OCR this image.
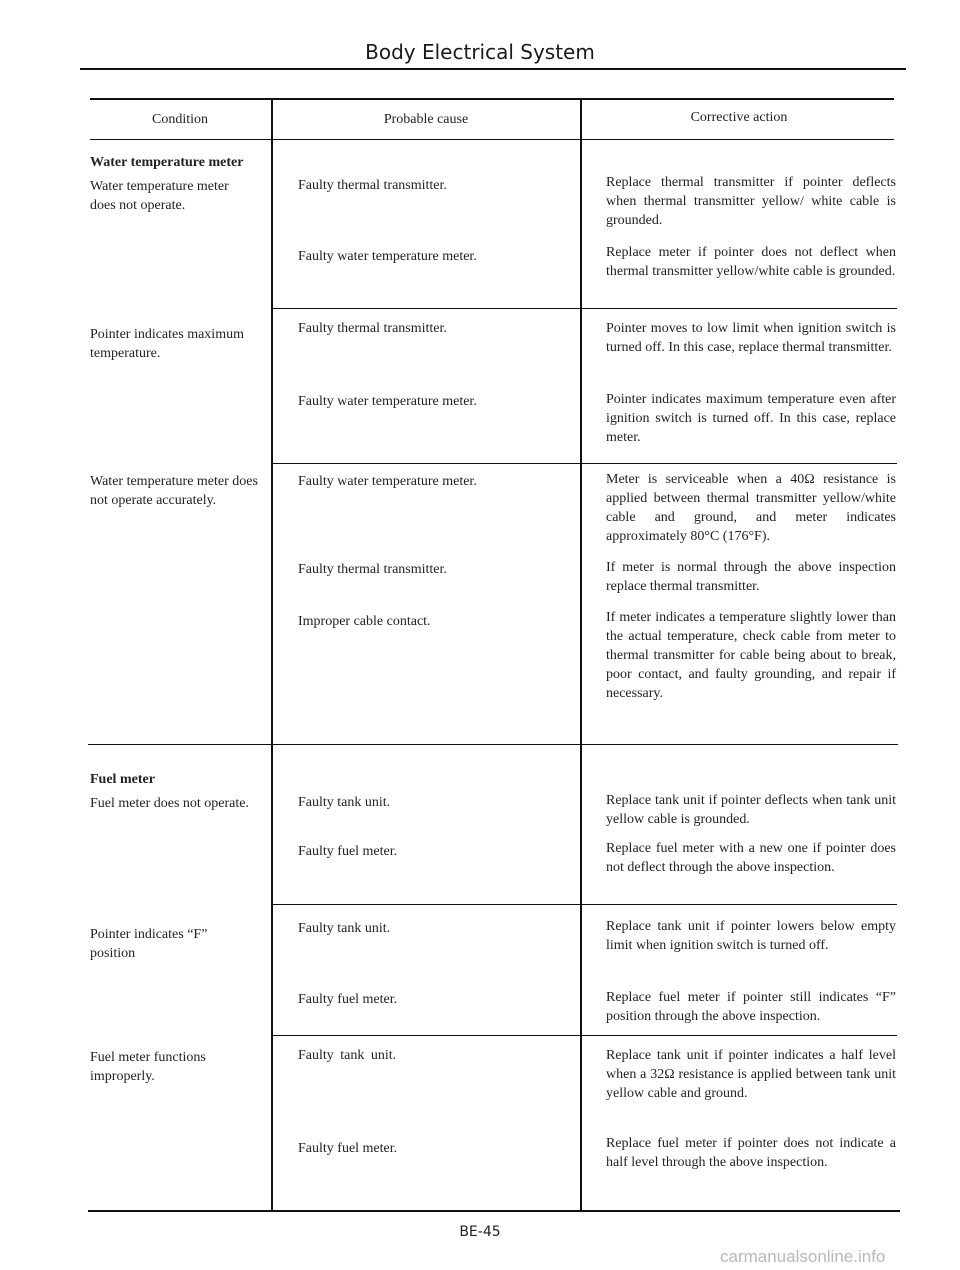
Body Electrical System
Condition	Probable cause	Corrective action
Water temperature meter
Water temperature meter does not operate.
Faulty thermal transmitter.	Replace thermal transmitter if pointer deflects when thermal transmitter yellow/ white cable is grounded.
Faulty water temperature meter.	Replace meter if pointer does not deflect when thermal transmitter yellow/white cable is grounded.
Pointer indicates maximum temperature.
Faulty thermal transmitter.	Pointer moves to low limit when ignition switch is turned off. In this case, replace thermal transmitter.
Faulty water temperature meter.	Pointer indicates maximum temperature even after ignition switch is turned off. In this case, replace meter.
Water temperature meter does not operate accurately.
Faulty water temperature meter.	Meter is serviceable when a 40Ω resistance is applied between thermal transmitter yellow/white cable and ground, and meter indicates approximately 80°C (176°F).
Faulty thermal transmitter.	If meter is normal through the above inspection replace thermal transmitter.
Improper cable contact.	If meter indicates a temperature slightly lower than the actual temperature, check cable from meter to thermal transmitter for cable being about to break, poor contact, and faulty grounding, and repair if necessary.
Fuel meter
Fuel meter does not operate.	Faulty tank unit.	Replace tank unit if pointer deflects when tank unit yellow cable is grounded.
Faulty fuel meter.	Replace fuel meter with a new one if pointer does not deflect through the above inspection.
Pointer indicates “F” position
Faulty tank unit.	Replace tank unit if pointer lowers below empty limit when ignition switch is turned off.
Faulty fuel meter.	Replace fuel meter if pointer still indicates “F” position through the above inspection.
Fuel meter functions improperly.
Faulty tank unit.	Replace tank unit if pointer indicates a half level when a 32Ω resistance is applied between tank unit yellow cable and ground.
Faulty fuel meter.	Replace fuel meter if pointer does not indicate a half level through the above inspection.
BE-45
carmanualsonline.info
